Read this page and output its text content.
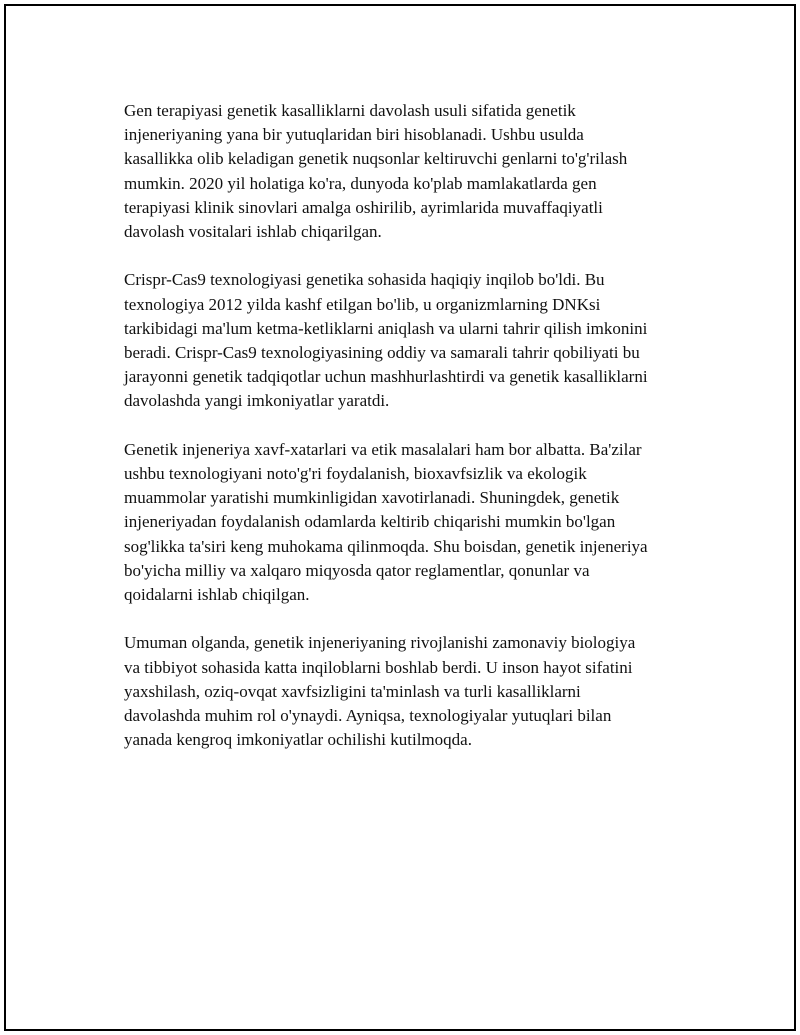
Gen terapiyasi genetik kasalliklarni davolash usuli sifatida genetik
injeneriyaning yana bir yutuqlaridan biri hisoblanadi. Ushbu usulda
kasallikka olib keladigan genetik nuqsonlar keltiruvchi genlarni to'g'rilash
mumkin. 2020 yil holatiga ko'ra, dunyoda ko'plab mamlakatlarda gen
terapiyasi klinik sinovlari amalga oshirilib, ayrimlarida muvaffaqiyatli
davolash vositalari ishlab chiqarilgan.

Crispr-Cas9 texnologiyasi genetika sohasida haqiqiy inqilob bo'ldi. Bu
texnologiya 2012 yilda kashf etilgan bo'lib, u organizmlarning DNKsi
tarkibidagi ma'lum ketma-ketliklarni aniqlash va ularni tahrir qilish imkonini
beradi. Crispr-Cas9 texnologiyasining oddiy va samarali tahrir qobiliyati bu
jarayonni genetik tadqiqotlar uchun mashhurlashtirdi va genetik kasalliklarni
davolashda yangi imkoniyatlar yaratdi.

Genetik injeneriya xavf-xatarlari va etik masalalari ham bor albatta. Ba'zilar
ushbu texnologiyani noto'g'ri foydalanish, bioxavfsizlik va ekologik
muammolar yaratishi mumkinligidan xavotirlanadi. Shuningdek, genetik
injeneriyadan foydalanish odamlarda keltirib chiqarishi mumkin bo'lgan
sog'likka ta'siri keng muhokama qilinmoqda. Shu boisdan, genetik injeneriya
bo'yicha milliy va xalqaro miqyosda qator reglamentlar, qonunlar va
qoidalarni ishlab chiqilgan.

Umuman olganda, genetik injeneriyaning rivojlanishi zamonaviy biologiya
va tibbiyot sohasida katta inqiloblarni boshlab berdi. U inson hayot sifatini
yaxshilash, oziq-ovqat xavfsizligini ta'minlash va turli kasalliklarni
davolashda muhim rol o'ynaydi. Ayniqsa, texnologiyalar yutuqlari bilan
yanada kengroq imkoniyatlar ochilishi kutilmoqda.
